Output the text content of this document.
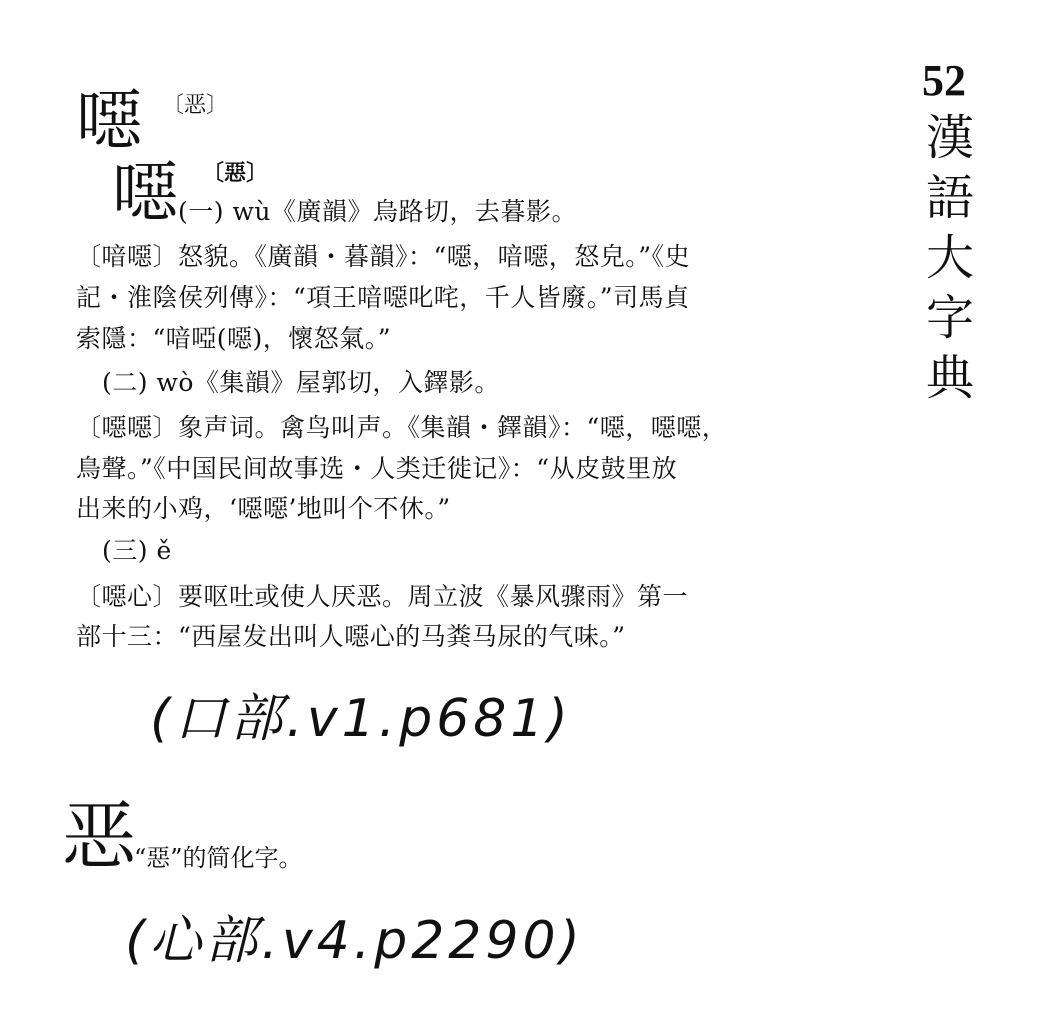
52
漢
語
大
字
典
噁 〔恶〕
噁 〔惡〕
(一) wù《廣韻》烏路切，去暮影。
〔喑噁〕怒貌。《廣韻・暮韻》：“噁，喑噁，怒皃。”《史
記・淮陰侯列傳》：“項王喑噁叱咤，千人皆廢。”司馬貞
索隱：“喑啞(噁)，懷怒氣。”
(二) wò《集韻》屋郭切，入鐸影。
〔噁噁〕象声词。禽鸟叫声。《集韻・鐸韻》：“噁，噁噁，
鳥聲。”《中国民间故事选・人类迁徙记》：“从皮鼓里放
出来的小鸡，‘噁噁’地叫个不休。”
(三) ě
〔噁心〕要呕吐或使人厌恶。周立波《暴风骤雨》第一
部十三：“西屋发出叫人噁心的马粪马尿的气味。”
(口部.v1.p681)
恶
“惡”的简化字。
(心部.v4.p2290)
